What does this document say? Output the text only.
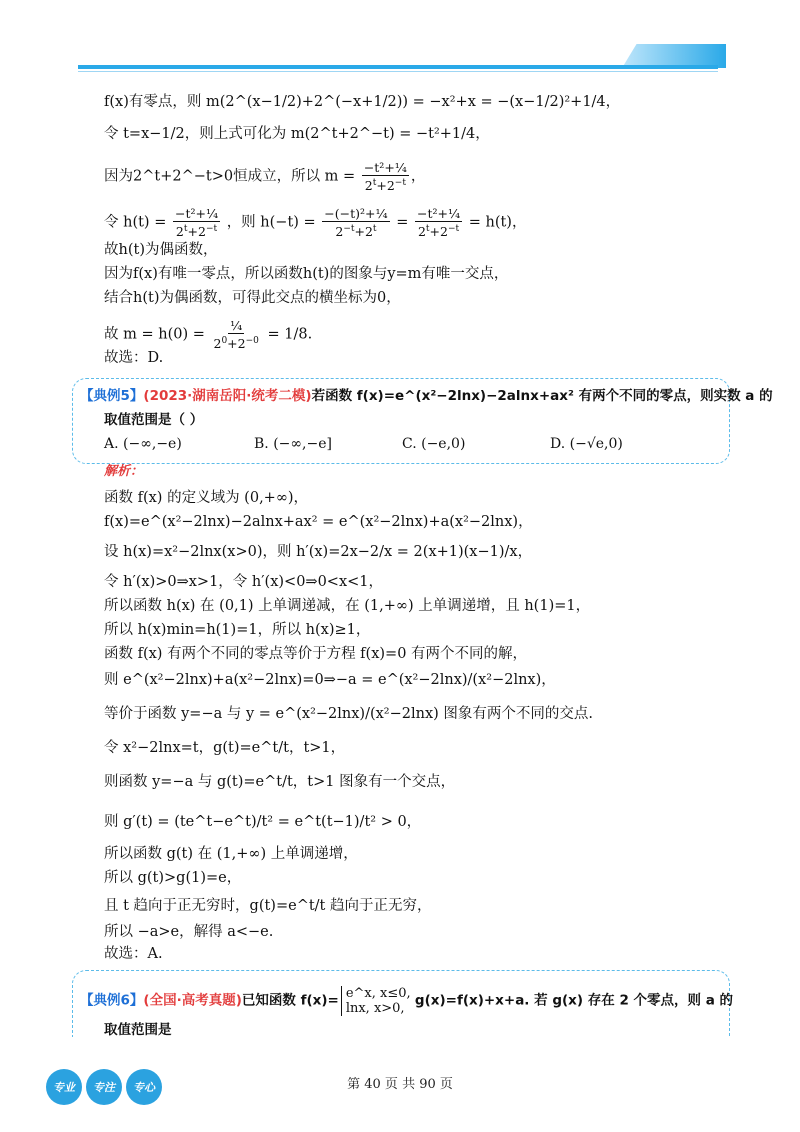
f(x)有零点，则 m(2^(x−1/2)+2^(−x+1/2)) = −x²+x = −(x−1/2)²+1/4，
令 t=x−1/2，则上式可化为 m(2^t+2^−t) = −t²+1/4，
因为2^t+2^−t>0恒成立，所以 $m = \frac{\text{−t²+¼}}{2^t+2^{-t}}$ ，
令 $h(t) = \frac{\text{−t²+¼}}{2^t+2^{-t}}$ ，则 $h(-t) = \frac{\text{−(−t)²+¼}}{2^{-t}+2^t} = \frac{\text{−t²+¼}}{2^t+2^{-t}} = h(t)$，
故h(t)为偶函数，
因为f(x)有唯一零点，所以函数h(t)的图象与y=m有唯一交点，
结合h(t)为偶函数，可得此交点的横坐标为0，
故 $m = h(0) = \frac{\text{¼}}{2^0+2^{-0}} = 1/8$.
故选：D.
【典例5】(2023·湖南岳阳·统考二模)若函数 f(x)=e^(x²−2lnx)−2alnx+ax² 有两个不同的零点，则实数 a 的
取值范围是（ ）
A. (−∞,−e)	B. (−∞,−e]	C. (−e,0)	D. (−√e,0)
解析：
函数 f(x) 的定义域为 (0,+∞)，
f(x)=e^(x²−2lnx)−2alnx+ax² = e^(x²−2lnx)+a(x²−2lnx)，
设 h(x)=x²−2lnx(x>0)，则 h′(x)=2x−2/x = 2(x+1)(x−1)/x，
令 h′(x)>0⇒x>1，令 h′(x)<0⇒0<x<1，
所以函数 h(x) 在 (0,1) 上单调递减，在 (1,+∞) 上单调递增，且 h(1)=1，
所以 h(x)min=h(1)=1，所以 h(x)≥1，
函数 f(x) 有两个不同的零点等价于方程 f(x)=0 有两个不同的解，
则 e^(x²−2lnx)+a(x²−2lnx)=0⇒−a = e^(x²−2lnx)/(x²−2lnx)，
等价于函数 y=−a 与 y = e^(x²−2lnx)/(x²−2lnx) 图象有两个不同的交点.
令 x²−2lnx=t，g(t)=e^t/t，t>1，
则函数 y=−a 与 g(t)=e^t/t，t>1 图象有一个交点，
则 g′(t) = (te^t−e^t)/t² = e^t(t−1)/t² > 0，
所以函数 g(t) 在 (1,+∞) 上单调递增，
所以 g(t)>g(1)=e，
且 t 趋向于正无穷时，g(t)=e^t/t 趋向于正无穷，
所以 −a>e，解得 a<−e.
故选：A.
【典例6】(全国·高考真题)已知函数 f(x)= e^x, x≤0,
lnx, x>0, g(x)=f(x)+x+a. 若 g(x) 存在 2 个零点，则 a 的
取值范围是
专业	专注	专心	第 40 页 共 90 页
